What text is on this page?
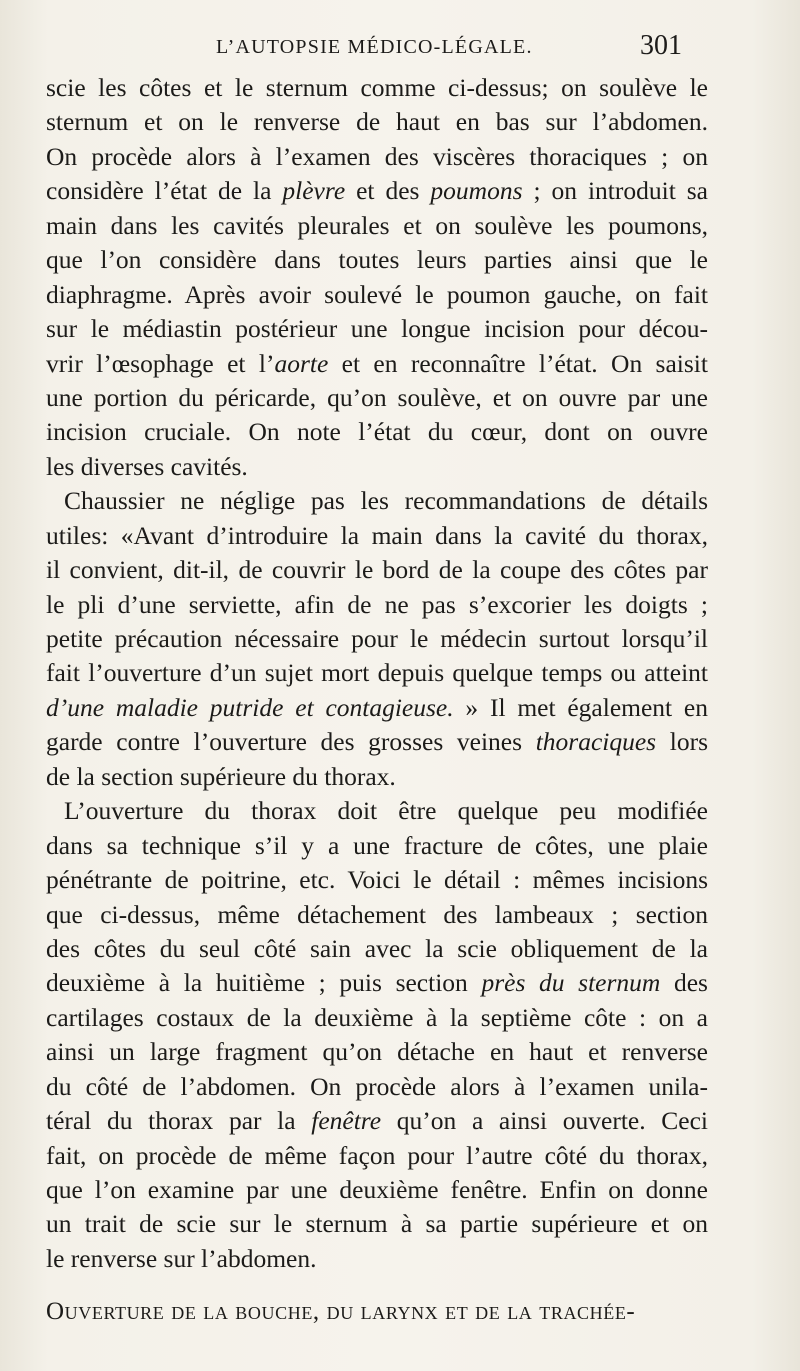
L’AUTOPSIE MÉDICO-LÉGALE.	301
scie les côtes et le sternum comme ci-dessus; on soulève le
sternum et on le renverse de haut en bas sur l’abdomen.
On procède alors à l’examen des viscères thoraciques ; on
considère l’état de la plèvre et des poumons ; on introduit sa
main dans les cavités pleurales et on soulève les poumons,
que l’on considère dans toutes leurs parties ainsi que le
diaphragme. Après avoir soulevé le poumon gauche, on fait
sur le médiastin postérieur une longue incision pour décou-
vrir l’œsophage et l’aorte et en reconnaître l’état. On saisit
une portion du péricarde, qu’on soulève, et on ouvre par une
incision cruciale. On note l’état du cœur, dont on ouvre
les diverses cavités.
Chaussier ne néglige pas les recommandations de détails
utiles: «Avant d’introduire la main dans la cavité du thorax,
il convient, dit-il, de couvrir le bord de la coupe des côtes par
le pli d’une serviette, afin de ne pas s’excorier les doigts ;
petite précaution nécessaire pour le médecin surtout lorsqu’il
fait l’ouverture d’un sujet mort depuis quelque temps ou atteint
d’une maladie putride et contagieuse. » Il met également en
garde contre l’ouverture des grosses veines thoraciques lors
de la section supérieure du thorax.
L’ouverture du thorax doit être quelque peu modifiée
dans sa technique s’il y a une fracture de côtes, une plaie
pénétrante de poitrine, etc. Voici le détail : mêmes incisions
que ci-dessus, même détachement des lambeaux ; section
des côtes du seul côté sain avec la scie obliquement de la
deuxième à la huitième ; puis section près du sternum des
cartilages costaux de la deuxième à la septième côte : on a
ainsi un large fragment qu’on détache en haut et renverse
du côté de l’abdomen. On procède alors à l’examen unila-
téral du thorax par la fenêtre qu’on a ainsi ouverte. Ceci
fait, on procède de même façon pour l’autre côté du thorax,
que l’on examine par une deuxième fenêtre. Enfin on donne
un trait de scie sur le sternum à sa partie supérieure et on
le renverse sur l’abdomen.
Ouverture de la bouche, du larynx et de la trachée-
